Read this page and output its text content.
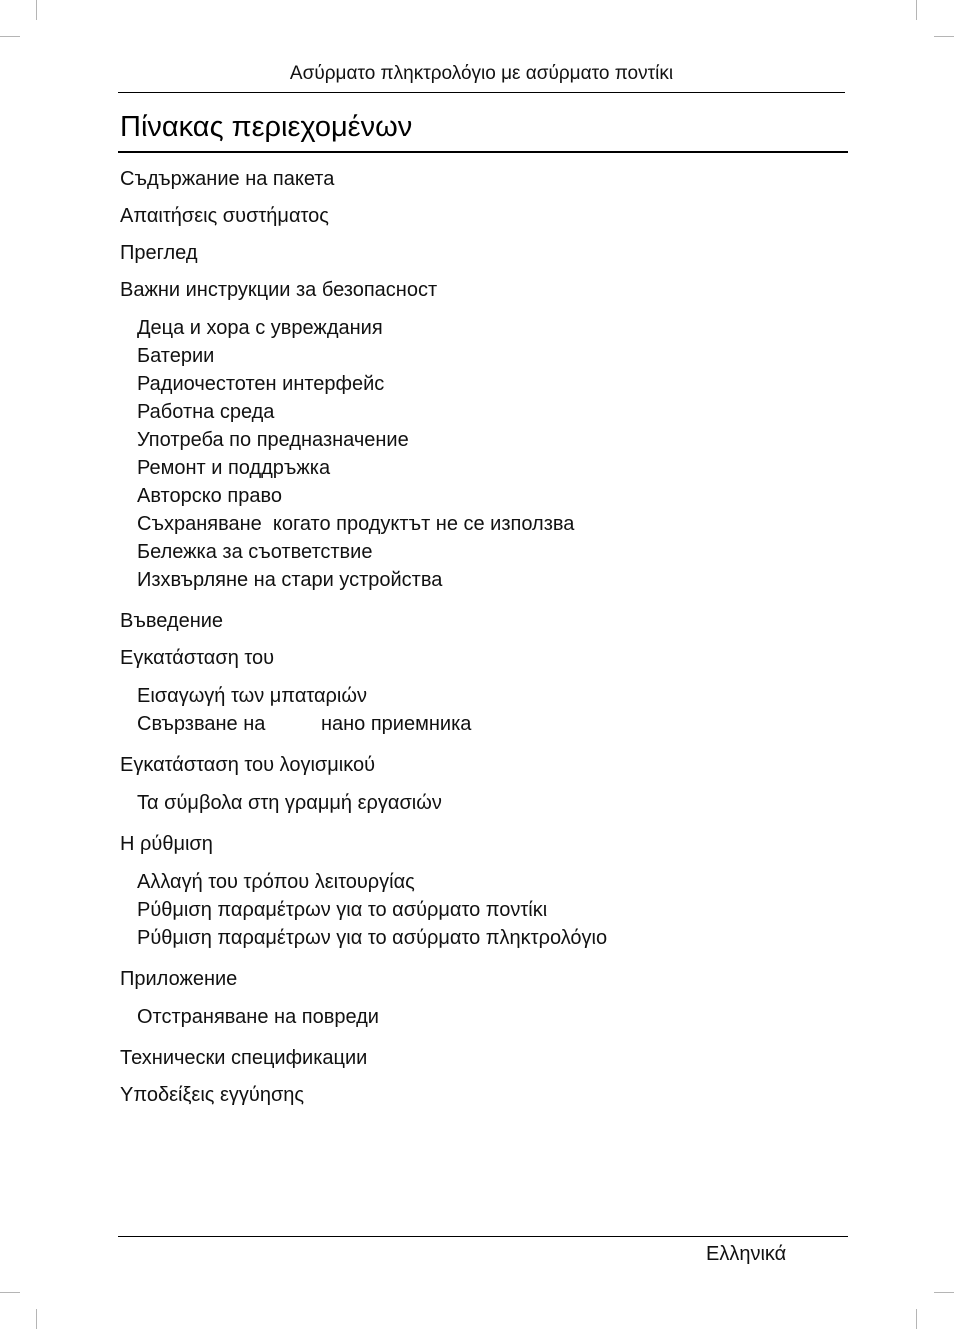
Ασύρματο πληκτρολόγιο με ασύρματο ποντίκι
Πίνακας περιεχομένων
Съдържание на пакета
Απαιτήσεις συστήματος
Преглед
Важни инструкции за безопасност
Деца и хора с увреждания
Батерии
Радиочестотен интерфейс
Работна среда
Употреба по предназначение
Ремонт и поддръжка
Авторско право
Съхраняване  когато продуктът не се използва
Бележка за съответствие
Изхвърляне на стари устройства
Въведение
Εγκατάσταση του
Εισαγωγή των μπαταριών
Свързване на          нано приемника
Εγκατάσταση του λογισμικού
Τα σύμβολα στη γραμμή εργασιών
Η ρύθμιση
Αλλαγή του τρόπου λειτουργίας
Ρύθμιση παραμέτρων για το ασύρματο ποντίκι
Ρύθμιση παραμέτρων για το ασύρματο πληκτρολόγιο
Приложение
Отстраняване на повреди
Технически спецификации
Υποδείξεις εγγύησης
Ελληνικά
